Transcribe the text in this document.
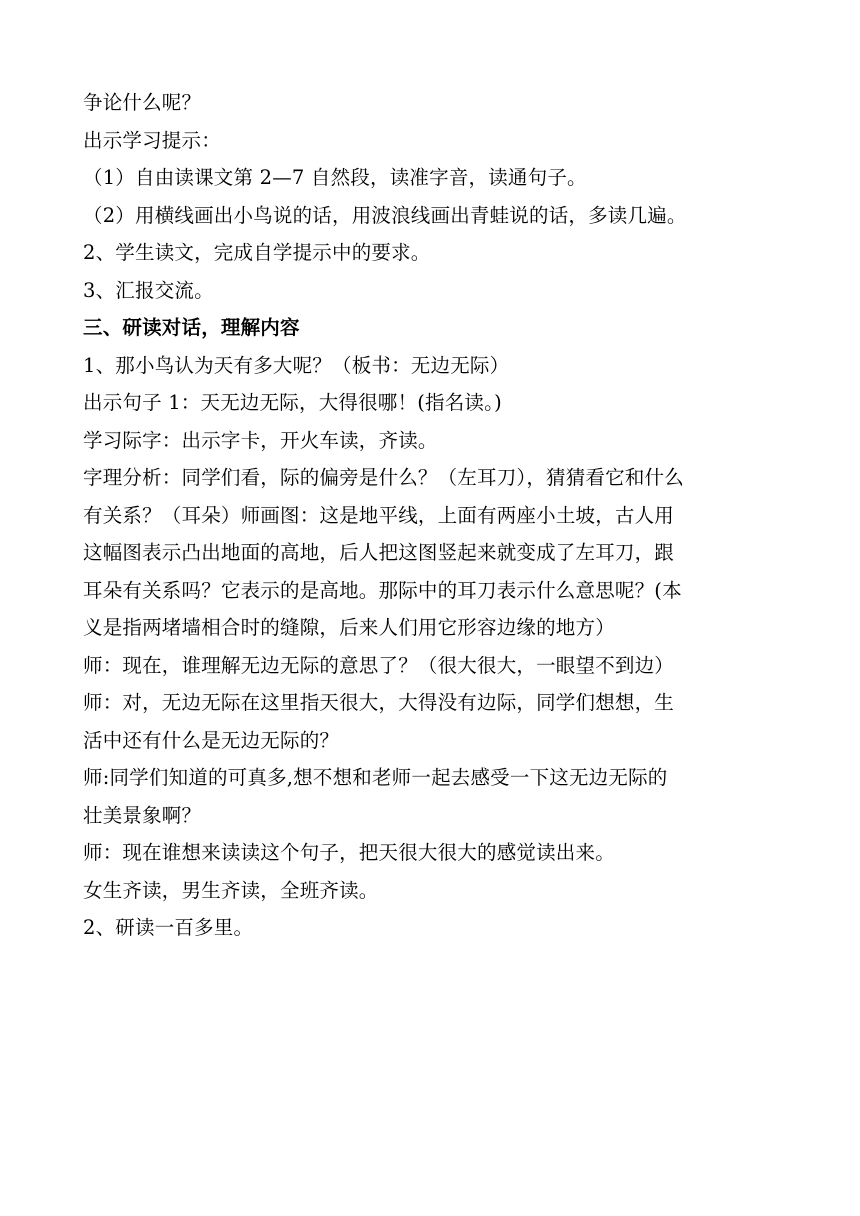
争论什么呢？
出示学习提示：
（1）自由读课文第 2—7 自然段，读准字音，读通句子。
（2）用横线画出小鸟说的话，用波浪线画出青蛙说的话，多读几遍。
2、学生读文，完成自学提示中的要求。
3、汇报交流。
三、研读对话，理解内容
1、那小鸟认为天有多大呢？（板书：无边无际）
出示句子 1：天无边无际，大得很哪！(指名读。)
学习际字：出示字卡，开火车读，齐读。
字理分析：同学们看，际的偏旁是什么？（左耳刀），猜猜看它和什么
有关系？（耳朵）师画图：这是地平线，上面有两座小土坡，古人用
这幅图表示凸出地面的高地，后人把这图竖起来就变成了左耳刀，跟
耳朵有关系吗？它表示的是高地。那际中的耳刀表示什么意思呢？(本
义是指两堵墙相合时的缝隙，后来人们用它形容边缘的地方）
师：现在，谁理解无边无际的意思了？（很大很大，一眼望不到边）
师：对，无边无际在这里指天很大，大得没有边际，同学们想想，生
活中还有什么是无边无际的？
师:同学们知道的可真多,想不想和老师一起去感受一下这无边无际的
壮美景象啊？
师：现在谁想来读读这个句子，把天很大很大的感觉读出来。
女生齐读，男生齐读，全班齐读。
2、研读一百多里。
